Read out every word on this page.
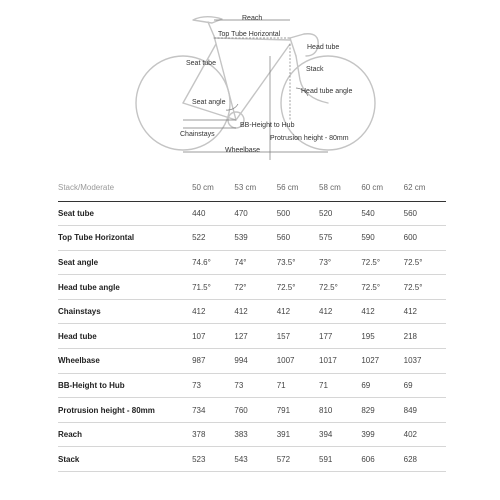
Reach
Top Tube Horizontal
Head tube
Seat tube
Stack
Head tube angle
Seat angle
Chainstays
BB-Height to Hub
Protrusion height - 80mm
Wheelbase
Stack/Moderate	50 cm	53 cm	56 cm	58 cm	60 cm	62 cm
Seat tube	440	470	500	520	540	560
Top Tube Horizontal	522	539	560	575	590	600
Seat angle	74.6°	74°	73.5°	73°	72.5°	72.5°
Head tube angle	71.5°	72°	72.5°	72.5°	72.5°	72.5°
Chainstays	412	412	412	412	412	412
Head tube	107	127	157	177	195	218
Wheelbase	987	994	1007	1017	1027	1037
BB-Height to Hub	73	73	71	71	69	69
Protrusion height - 80mm	734	760	791	810	829	849
Reach	378	383	391	394	399	402
Stack	523	543	572	591	606	628
